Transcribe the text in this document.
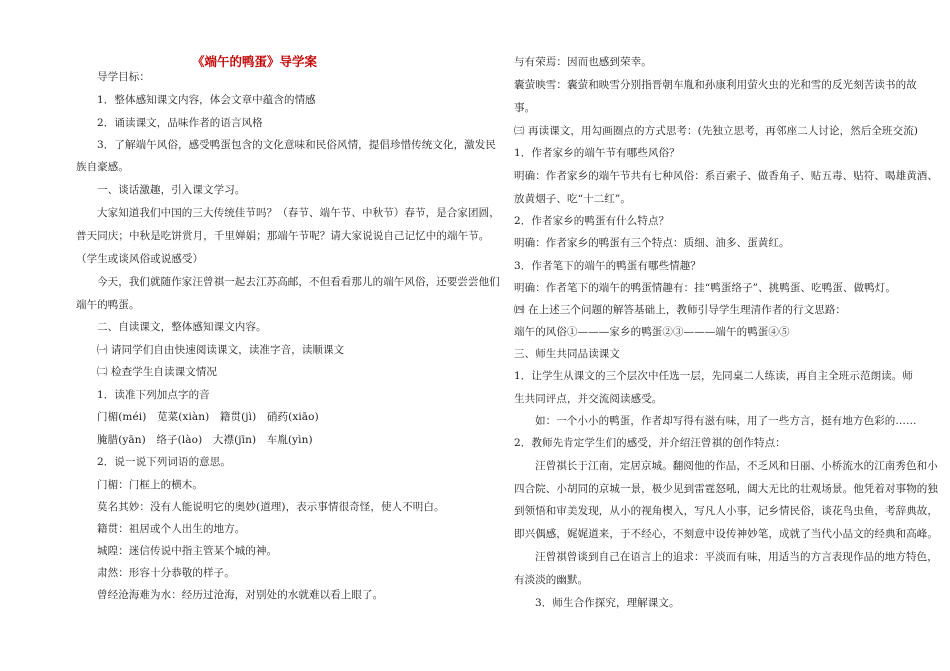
《端午的鸭蛋》导学案
导学目标：
1．整体感知课文内容，体会文章中蕴含的情感
2．诵读课文，品味作者的语言风格
3．了解端午风俗，感受鸭蛋包含的文化意味和民俗风情，提倡珍惜传统文化，激发民
族自豪感。
一、谈话激趣，引入课文学习。
大家知道我们中国的三大传统佳节吗？（春节、端午节、中秋节）春节，是合家团圆，
普天同庆；中秋是吃饼赏月，千里婵娟；那端午节呢？请大家说说自己记忆中的端午节。
（学生或谈风俗或说感受）
今天，我们就随作家汪曾祺一起去江苏高邮，不但看看那儿的端午风俗，还要尝尝他们
端午的鸭蛋。
二、自读课文，整体感知课文内容。
㈠ 请同学们自由快速阅读课文，读准字音，读顺课文
㈡ 检查学生自读课文情况
1．读准下列加点字的音
门楣(méi)　苋菜(xiàn)　籍贯(jì)　硝药(xiāo)
腌腊(yān)　络子(lào)　大襟(jīn)　车胤(yìn)
2．说一说下列词语的意思。
门楣：门框上的横木。
莫名其妙：没有人能说明它的奥妙(道理)，表示事情很奇怪，使人不明白。
籍贯：祖居或个人出生的地方。
城隍：迷信传说中指主管某个城的神。
肃然：形容十分恭敬的样子。
曾经沧海难为水：经历过沧海，对别处的水就难以看上眼了。
与有荣焉：因而也感到荣幸。
囊萤映雪：囊萤和映雪分别指晋朝车胤和孙康利用萤火虫的光和雪的反光刻苦读书的故
事。
㈢ 再读课文，用勾画圈点的方式思考：(先独立思考，再邻座二人讨论，然后全班交流)
1．作者家乡的端午节有哪些风俗？
明确：作者家乡的端午节共有七种风俗：系百索子、做香角子、贴五毒、贴符、喝雄黄酒、
放黄烟子、吃“十二红”。
2．作者家乡的鸭蛋有什么特点？
明确：作者家乡的鸭蛋有三个特点：质细、油多、蛋黄红。
3．作者笔下的端午的鸭蛋有哪些情趣？
明确：作者笔下的端午的鸭蛋情趣有：挂“鸭蛋络子”、挑鸭蛋、吃鸭蛋、做鸭灯。
㈣ 在上述三个问题的解答基础上，教师引导学生理清作者的行文思路：
端午的风俗①———家乡的鸭蛋②③———端午的鸭蛋④⑤
三、师生共同品读课文
1．让学生从课文的三个层次中任选一层，先同桌二人练读，再自主全班示范朗读。师
生共同评点，并交流阅读感受。
如：一个小小的鸭蛋，作者却写得有滋有味，用了一些方言，挺有地方色彩的……
2．教师先肯定学生们的感受，并介绍汪曾祺的创作特点：
汪曾祺长于江南，定居京城。翻阅他的作品，不乏风和日丽、小桥流水的江南秀色和小
四合院、小胡同的京城一景，极少见到雷霆怒吼，阔大无比的壮观场景。他凭着对事物的独
到领悟和审美发现，从小的视角楔入，写凡人小事，记乡情民俗，谈花鸟虫鱼，考辞典故，
即兴偶感，娓娓道来，于不经心，不刻意中设传神妙笔，成就了当代小品文的经典和高峰。
汪曾祺曾谈到自己在语言上的追求：平淡而有味，用适当的方言表现作品的地方特色，
有淡淡的幽默。
3．师生合作探究，理解课文。
